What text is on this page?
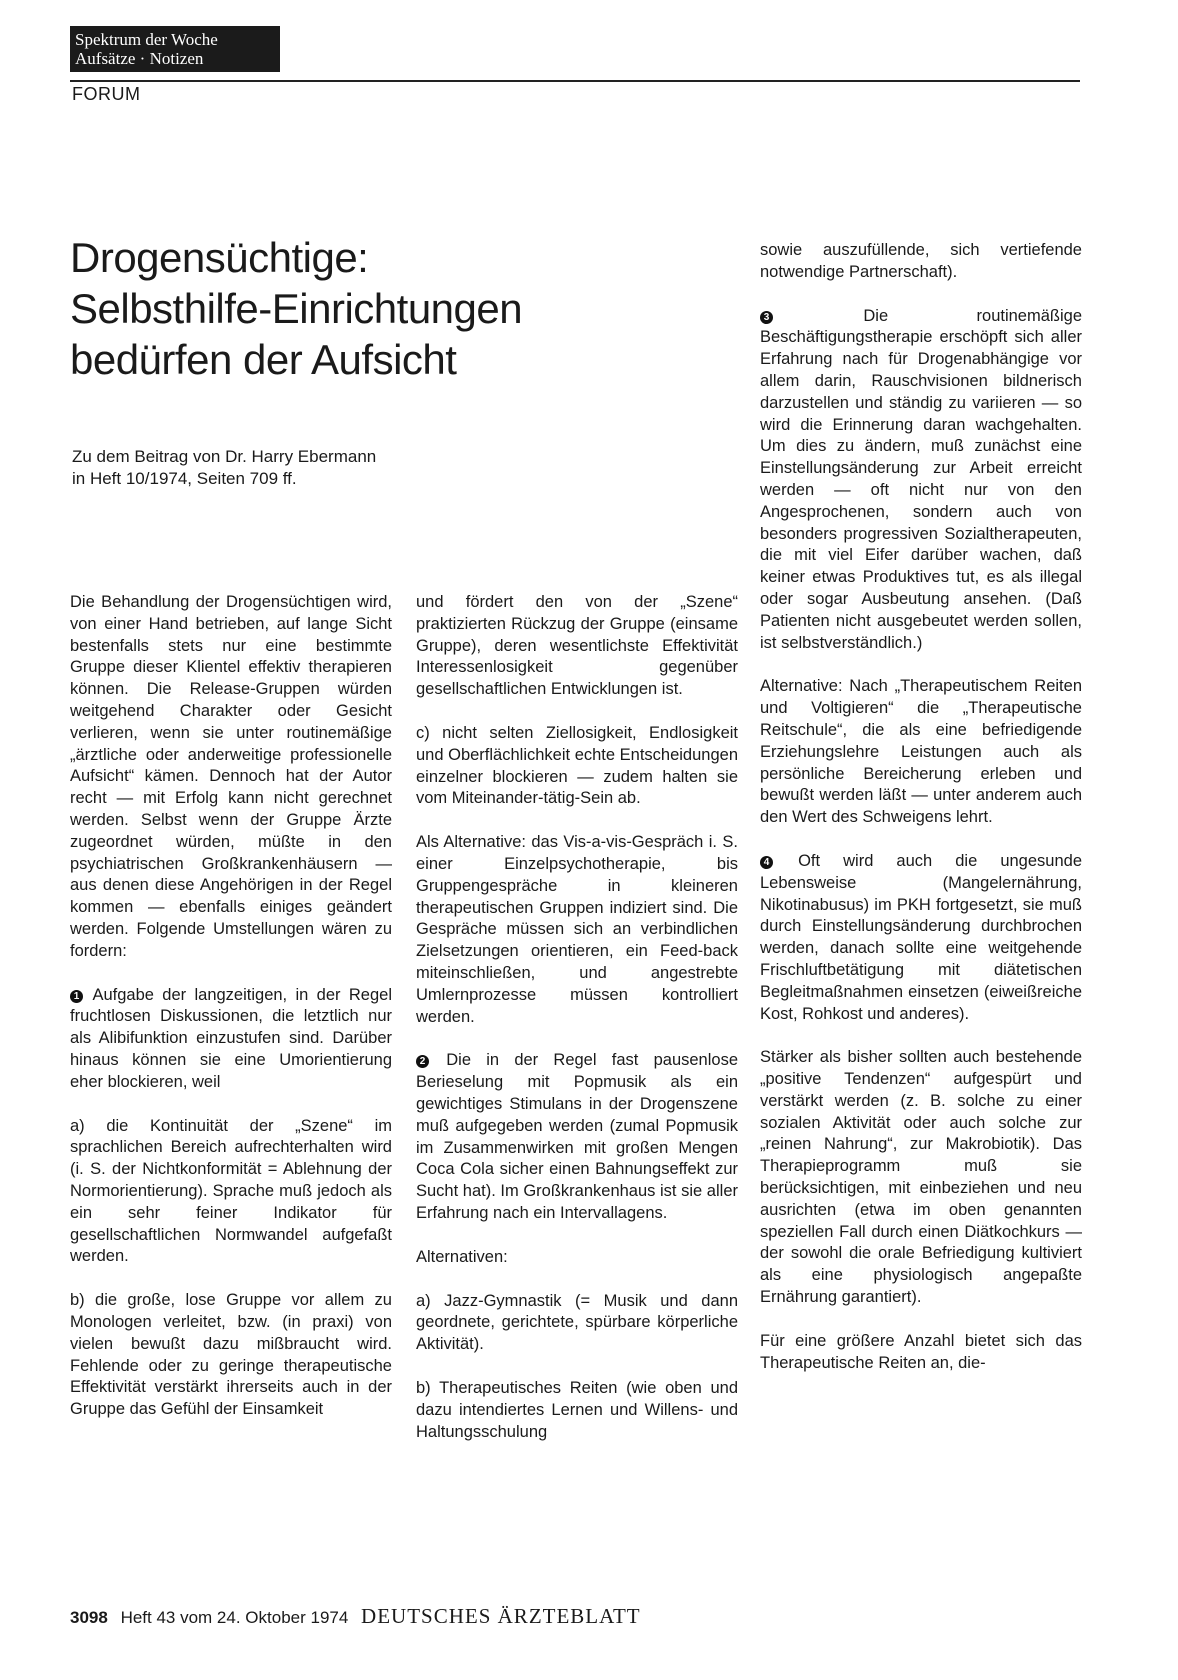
Spektrum der Woche
Aufsätze · Notizen
FORUM
Drogensüchtige:
Selbsthilfe-Einrichtungen
bedürfen der Aufsicht
Zu dem Beitrag von Dr. Harry Ebermann
in Heft 10/1974, Seiten 709 ff.

Die Behandlung der Drogensüchtigen wird, von einer Hand betrieben, auf lange Sicht bestenfalls stets nur eine bestimmte Gruppe dieser Klientel effektiv therapieren können. Die Release-Gruppen würden weitgehend Charakter oder Gesicht verlieren, wenn sie unter routinemäßige „ärztliche oder anderweitige professionelle Aufsicht“ kämen. Dennoch hat der Autor recht — mit Erfolg kann nicht gerechnet werden. Selbst wenn der Gruppe Ärzte zugeordnet würden, müßte in den psychiatrischen Großkrankenhäusern — aus denen diese Angehörigen in der Regel kommen — ebenfalls einiges geändert werden. Folgende Umstellungen wären zu fordern:

1 Aufgabe der langzeitigen, in der Regel fruchtlosen Diskussionen, die letztlich nur als Alibifunktion einzustufen sind. Darüber hinaus können sie eine Umorientierung eher blockieren, weil

a) die Kontinuität der „Szene“ im sprachlichen Bereich aufrechterhalten wird (i. S. der Nichtkonformität = Ablehnung der Normorientierung). Sprache muß jedoch als ein sehr feiner Indikator für gesellschaftlichen Normwandel aufgefaßt werden.

b) die große, lose Gruppe vor allem zu Monologen verleitet, bzw. (in praxi) von vielen bewußt dazu mißbraucht wird. Fehlende oder zu geringe therapeutische Effektivität verstärkt ihrerseits auch in der Gruppe das Gefühl der Einsamkeit

und fördert den von der „Szene“ praktizierten Rückzug der Gruppe (einsame Gruppe), deren wesentlichste Effektivität Interessenlosigkeit gegenüber gesellschaftlichen Entwicklungen ist.

c) nicht selten Ziellosigkeit, Endlosigkeit und Oberflächlichkeit echte Entscheidungen einzelner blockieren — zudem halten sie vom Miteinander-tätig-Sein ab.

Als Alternative: das Vis-a-vis-Gespräch i. S. einer Einzelpsychotherapie, bis Gruppengespräche in kleineren therapeutischen Gruppen indiziert sind. Die Gespräche müssen sich an verbindlichen Zielsetzungen orientieren, ein Feed-back miteinschließen, und angestrebte Umlernprozesse müssen kontrolliert werden.

2 Die in der Regel fast pausenlose Berieselung mit Popmusik als ein gewichtiges Stimulans in der Drogenszene muß aufgegeben werden (zumal Popmusik im Zusammenwirken mit großen Mengen Coca Cola sicher einen Bahnungseffekt zur Sucht hat). Im Großkrankenhaus ist sie aller Erfahrung nach ein Intervallagens.

Alternativen:

a) Jazz-Gymnastik (= Musik und dann geordnete, gerichtete, spürbare körperliche Aktivität).

b) Therapeutisches Reiten (wie oben und dazu intendiertes Lernen und Willens- und Haltungsschulung

sowie auszufüllende, sich vertiefende notwendige Partnerschaft).

3	Die routinemäßige Beschäftigungstherapie erschöpft sich aller Erfahrung nach für Drogenabhängige vor allem darin, Rauschvisionen bildnerisch darzustellen und ständig zu variieren — so wird die Erinnerung daran wachgehalten. Um dies zu ändern, muß zunächst eine Einstellungsänderung zur Arbeit erreicht werden — oft nicht nur von den Angesprochenen, sondern auch von besonders progressiven Sozialtherapeuten, die mit viel Eifer darüber wachen, daß keiner etwas Produktives tut, es als illegal oder sogar Ausbeutung ansehen. (Daß Patienten nicht ausgebeutet werden sollen, ist selbstverständlich.)

Alternative: Nach „Therapeutischem Reiten und Voltigieren“ die „Therapeutische Reitschule“, die als eine befriedigende Erziehungslehre Leistungen auch als persönliche Bereicherung erleben und bewußt werden läßt — unter anderem auch den Wert des Schweigens lehrt.

4 Oft wird auch die ungesunde Lebensweise (Mangelernährung, Nikotinabusus) im PKH fortgesetzt, sie muß durch Einstellungsänderung durchbrochen werden, danach sollte eine weitgehende Frischluftbetätigung mit diätetischen Begleitmaßnahmen einsetzen (eiweißreiche Kost, Rohkost und anderes).

Stärker als bisher sollten auch bestehende „positive Tendenzen“ aufgespürt und verstärkt werden (z. B. solche zu einer sozialen Aktivität oder auch solche zur „reinen Nahrung“, zur Makrobiotik). Das Therapieprogramm muß sie berücksichtigen, mit einbeziehen und neu ausrichten (etwa im oben genannten speziellen Fall durch einen Diätkochkurs — der sowohl die orale Befriedigung kultiviert als eine physiologisch angepaßte Ernährung garantiert).

Für eine größere Anzahl bietet sich das Therapeutische Reiten an, die-

3098 Heft 43 vom 24. Oktober 1974 DEUTSCHES ÄRZTEBLATT
